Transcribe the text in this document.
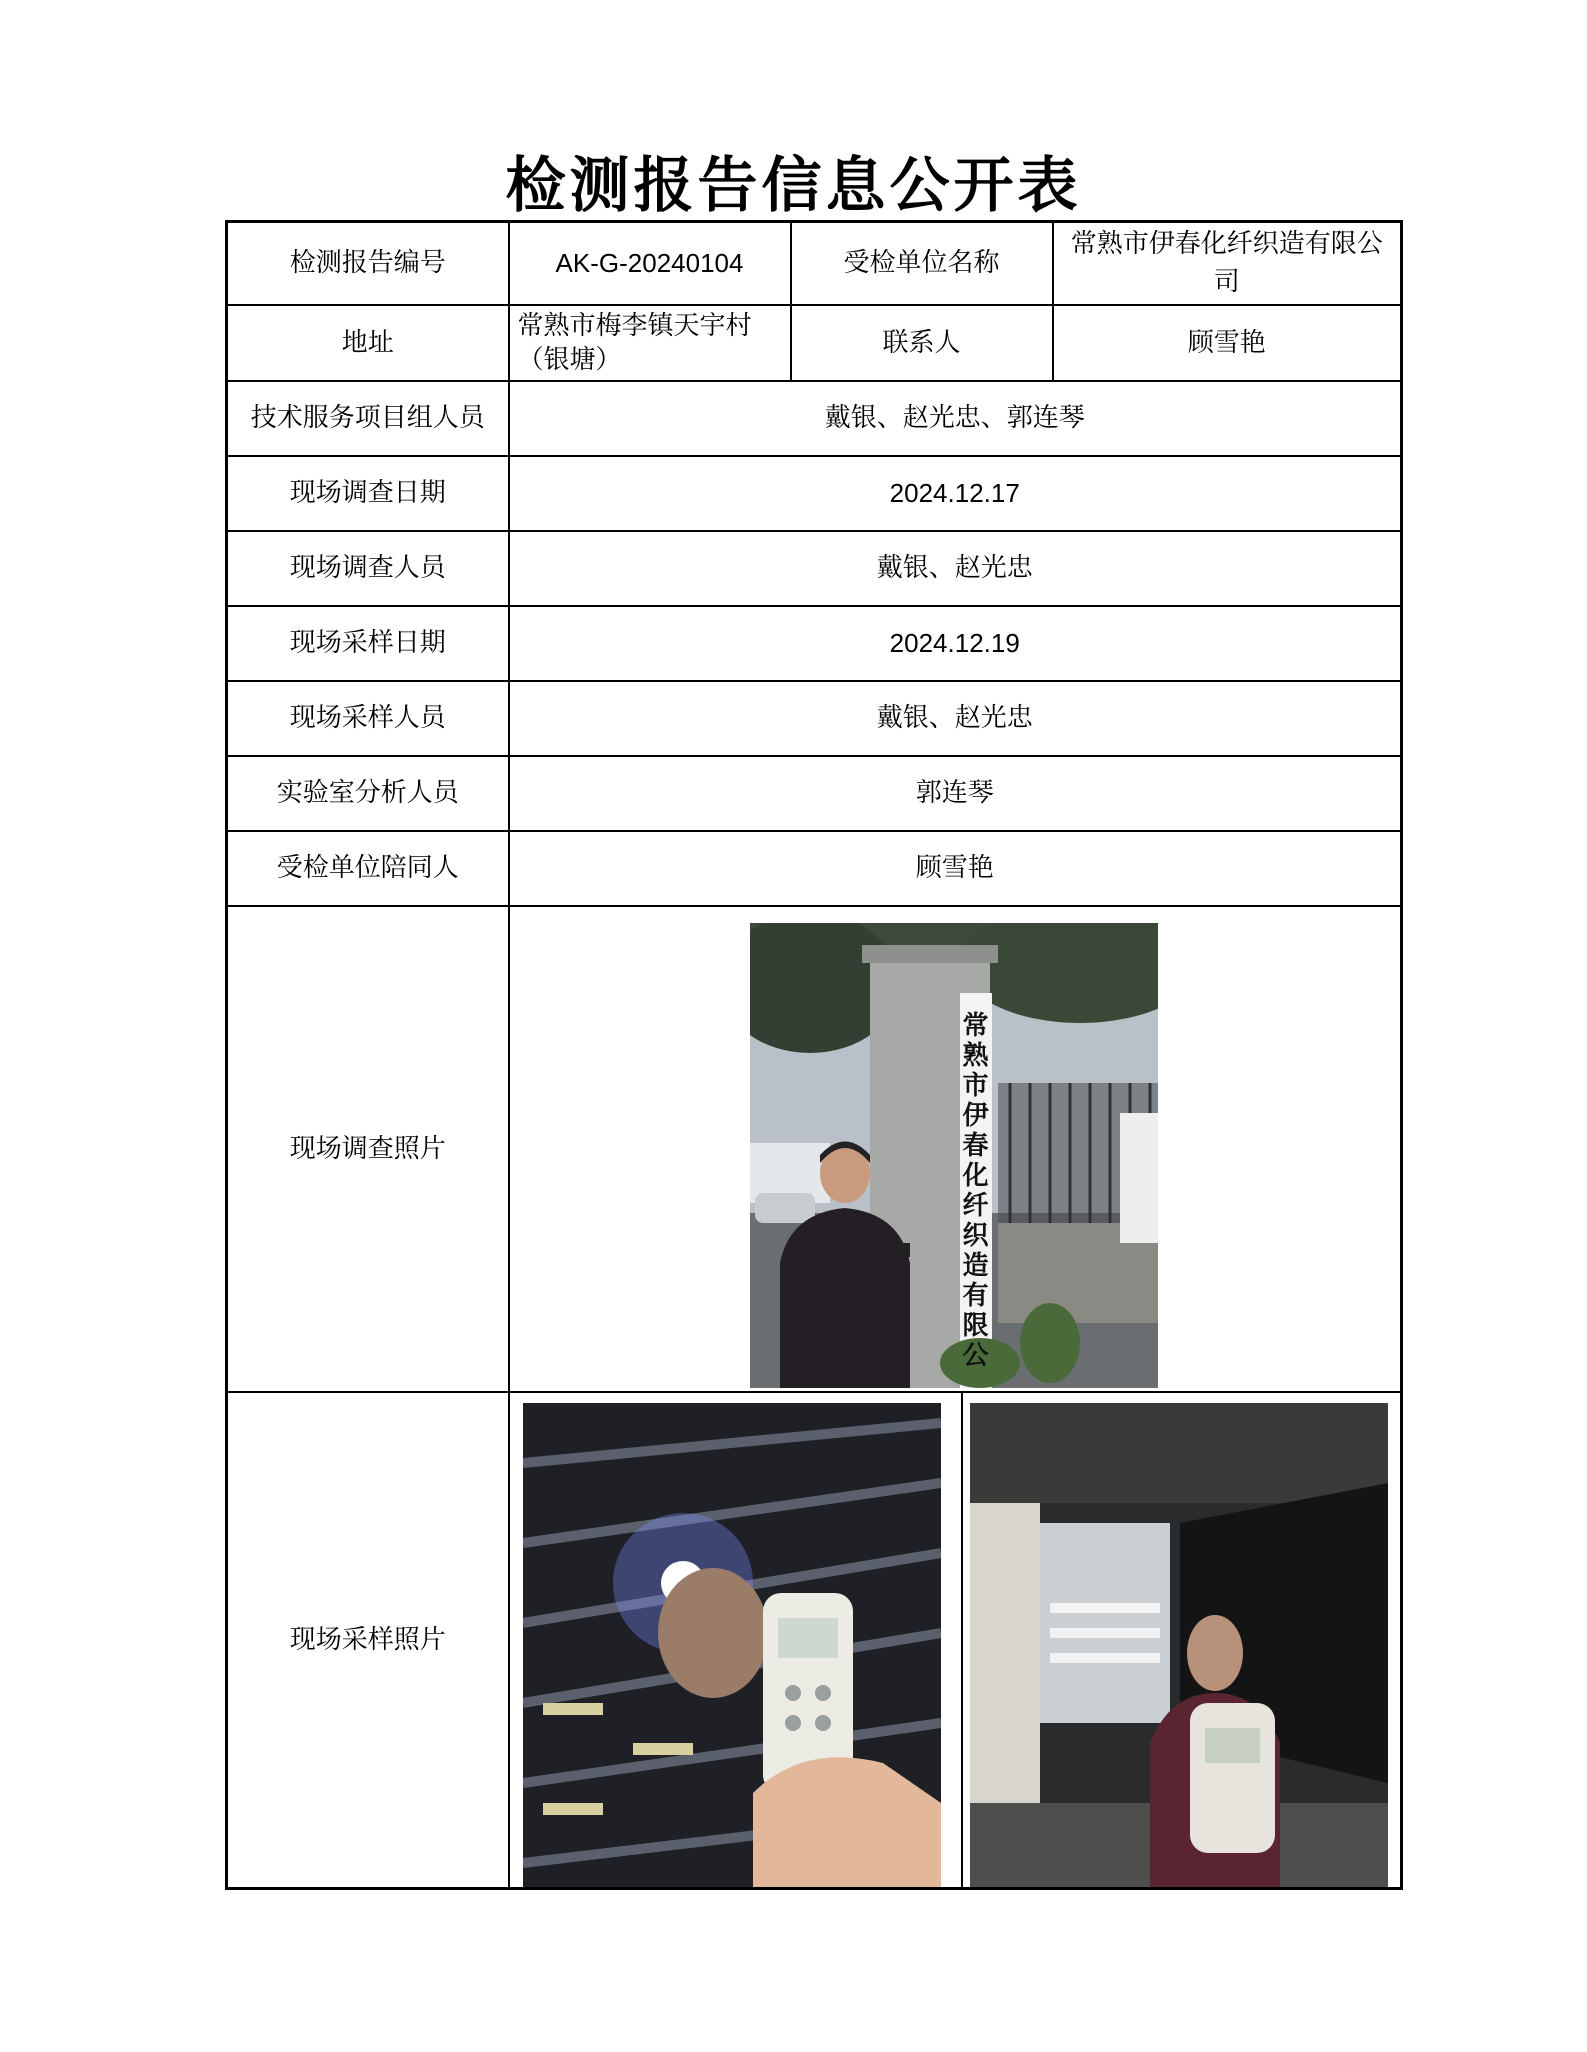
检测报告信息公开表
检测报告编号	AK-G-20240104	受检单位名称	常熟市伊春化纤织造有限公司
地址	常熟市梅李镇天宇村（银塘）	联系人	顾雪艳
技术服务项目组人员	戴银、赵光忠、郭连琴		
现场调查日期	2024.12.17		
现场调查人员	戴银、赵光忠		
现场采样日期	2024.12.19		
现场采样人员	戴银、赵光忠		
实验室分析人员	郭连琴		
受检单位陪同人	顾雪艳		
现场调查照片	常熟市伊春化纤织造有限公		

现场采样照片	
